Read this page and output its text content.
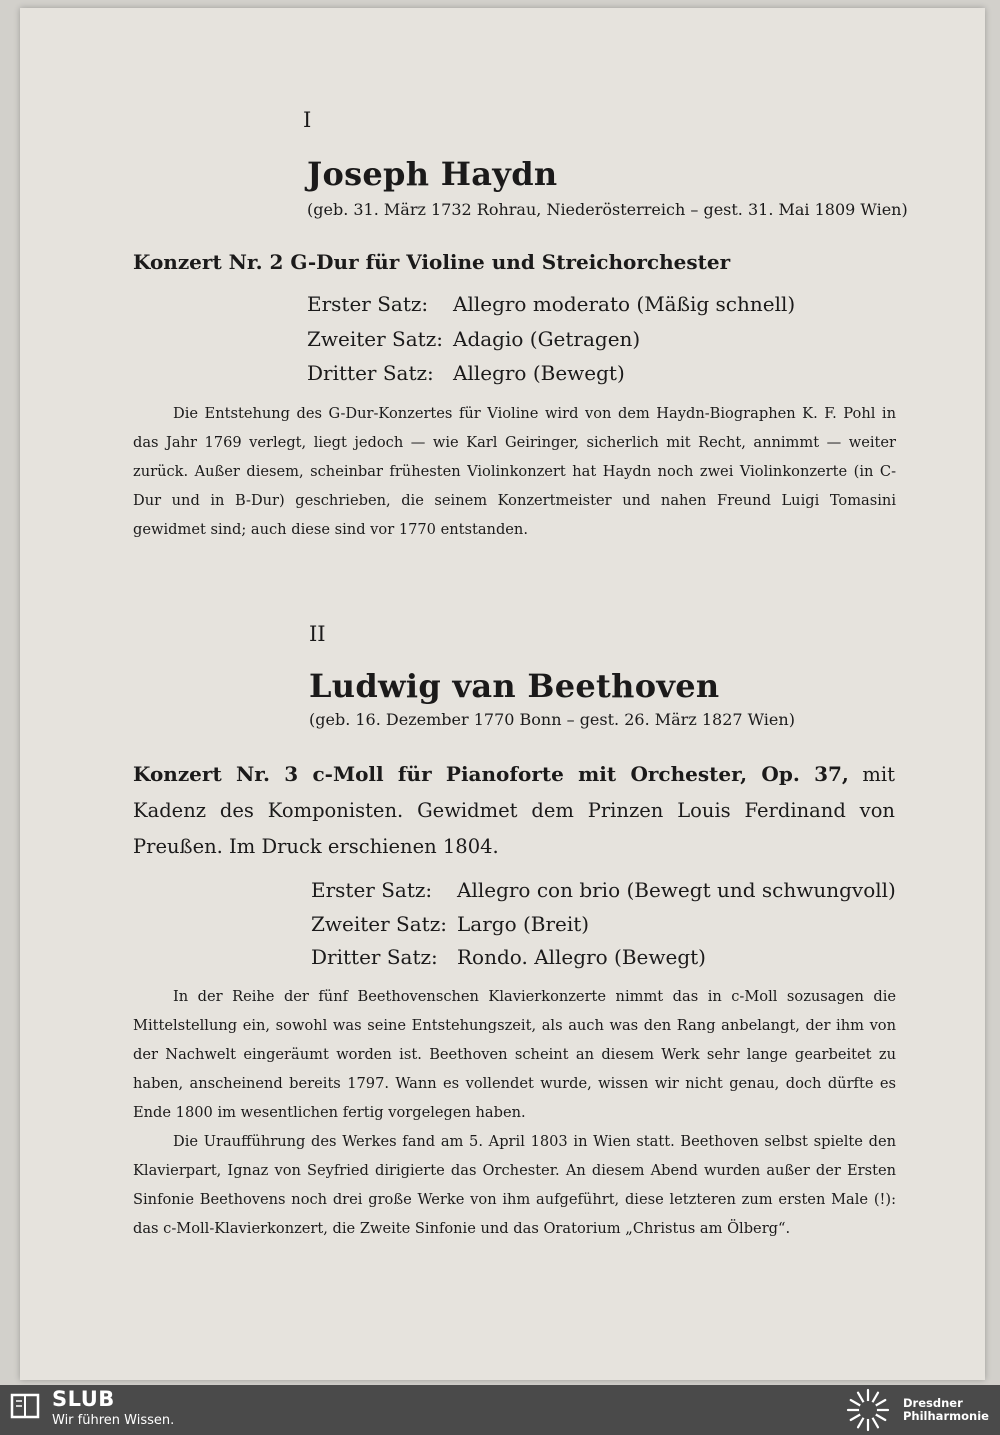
I
Joseph Haydn
(geb. 31. März 1732 Rohrau, Niederösterreich – gest. 31. Mai 1809 Wien)
Konzert Nr. 2 G-Dur für Violine und Streichorchester
Erster Satz:	Allegro moderato (Mäßig schnell)
Zweiter Satz: Adagio (Getragen)
Dritter Satz: Allegro (Bewegt)

Die Entstehung des G-Dur-Konzertes für Violine wird von dem Haydn-Biographen K. F. Pohl in das Jahr 1769 verlegt, liegt jedoch — wie Karl Geiringer, sicherlich mit Recht, annimmt — weiter zurück. Außer diesem, scheinbar frühesten Violinkonzert hat Haydn noch zwei Violinkonzerte (in C-Dur und in B-Dur) geschrieben, die seinem Konzertmeister und nahen Freund Luigi Tomasini gewidmet sind; auch diese sind vor 1770 entstanden.

II
Ludwig van Beethoven
(geb. 16. Dezember 1770 Bonn – gest. 26. März 1827 Wien)
Konzert Nr. 3 c-Moll für Pianoforte mit Orchester, Op. 37, mit Kadenz des Komponisten. Gewidmet dem Prinzen Louis Ferdinand von Preußen. Im Druck erschienen 1804.
Erster Satz:	Allegro con brio (Bewegt und schwungvoll)
Zweiter Satz: Largo (Breit)
Dritter Satz: Rondo. Allegro (Bewegt)

In der Reihe der fünf Beethovenschen Klavierkonzerte nimmt das in c-Moll sozusagen die Mittelstellung ein, sowohl was seine Entstehungszeit, als auch was den Rang anbelangt, der ihm von der Nachwelt eingeräumt worden ist. Beethoven scheint an diesem Werk sehr lange gearbeitet zu haben, anscheinend bereits 1797. Wann es vollendet wurde, wissen wir nicht genau, doch dürfte es Ende 1800 im wesentlichen fertig vorgelegen haben.

Die Uraufführung des Werkes fand am 5. April 1803 in Wien statt. Beethoven selbst spielte den Klavierpart, Ignaz von Seyfried dirigierte das Orchester. An diesem Abend wurden außer der Ersten Sinfonie Beethovens noch drei große Werke von ihm aufgeführt, diese letzteren zum ersten Male (!): das c-Moll-Klavierkonzert, die Zweite Sinfonie und das Oratorium „Christus am Ölberg“.

SLUB
Wir führen Wissen.
Dresdner
Philharmonie
